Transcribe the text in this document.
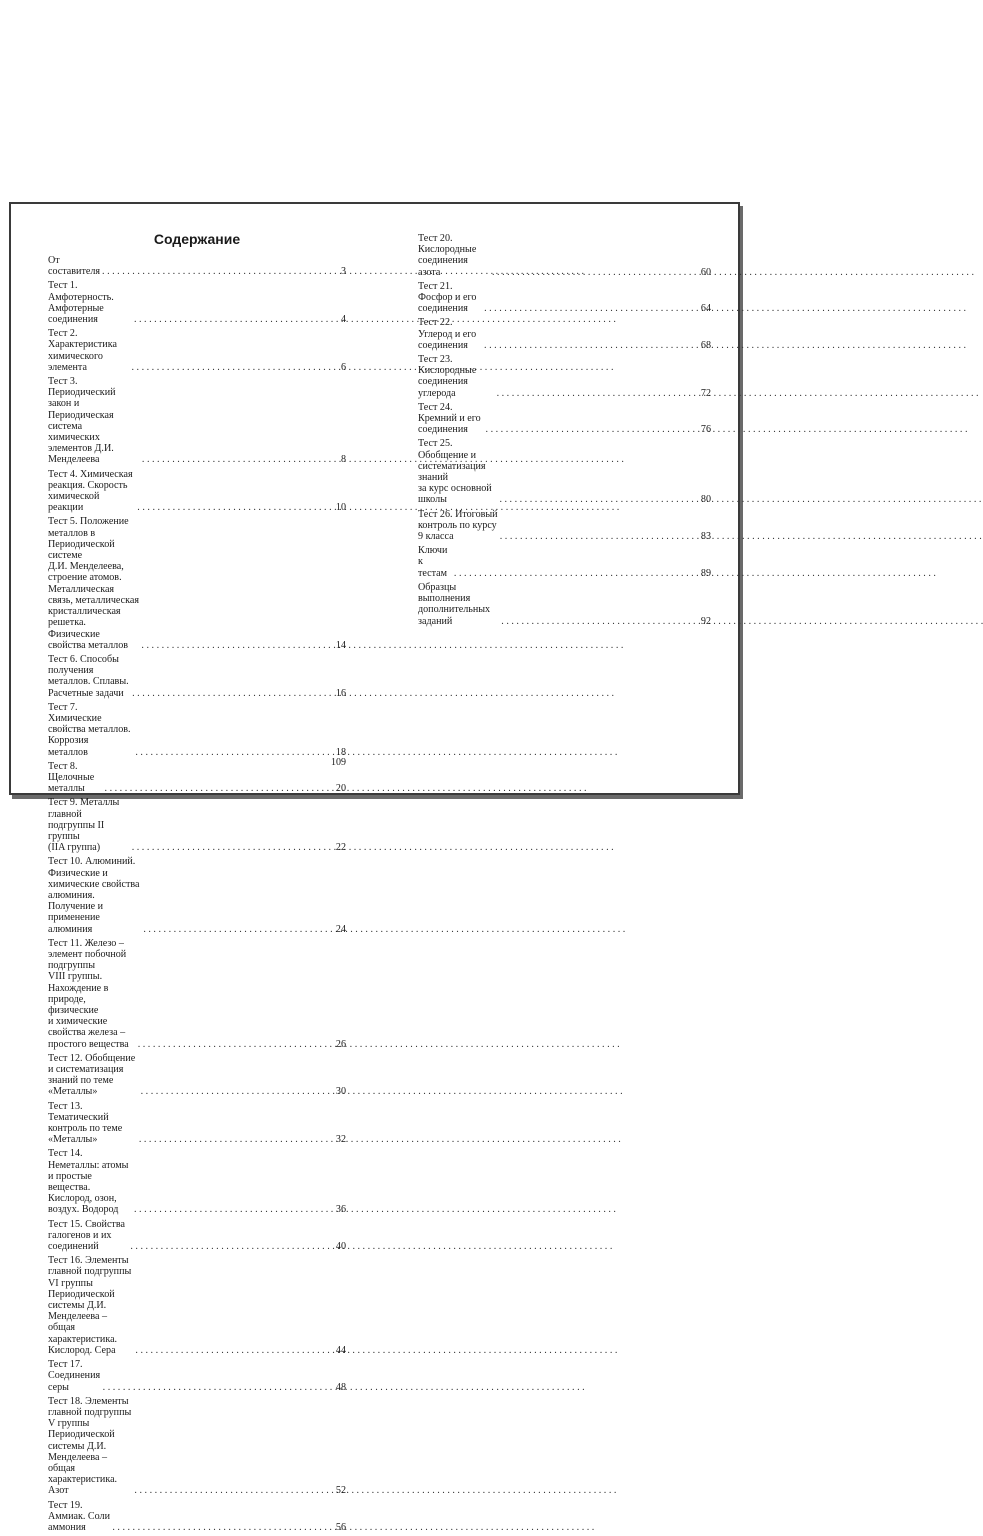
Содержание
От составителя . . .	3
Тест 1. Амфотерность. Амфотерные соединения . . .	4
Тест 2. Характеристика химического элемента . . .	6
Тест 3. Периодический закон и Периодическая система
химических элементов Д.И. Менделеева . . .	8
Тест 4. Химическая реакция. Скорость химической
реакции . . .	10
Тест 5. Положение металлов в Периодической системе
Д.И. Менделеева, строение атомов. Металлическая
связь, металлическая кристаллическая решетка.
Физические свойства металлов . . .	14
Тест 6. Способы получения металлов. Сплавы.
Расчетные задачи . . .	16
Тест 7. Химические свойства металлов. Коррозия
металлов . . .	18
Тест 8. Щелочные металлы . . .	20
Тест 9. Металлы главной подгруппы II группы
(IIA группа) . . .	22
Тест 10. Алюминий. Физические и химические свойства
алюминия. Получение и применение алюминия . . .	24
Тест 11. Железо – элемент побочной подгруппы
VIII группы. Нахождение в природе, физические
и химические свойства железа – простого вещества . . .	26
Тест 12. Обобщение и систематизация знаний по теме
«Металлы» . . .	30
Тест 13. Тематический контроль по теме «Металлы» . . .	32
Тест 14. Неметаллы: атомы и простые вещества.
Кислород, озон, воздух. Водород . . .	36
Тест 15. Свойства галогенов и их соединений . . .	40
Тест 16. Элементы главной подгруппы VI группы
Периодической системы Д.И. Менделеева –
общая характеристика. Кислород. Сера . . .	44
Тест 17. Соединения серы . . .	48
Тест 18. Элементы главной подгруппы V группы
Периодической системы Д.И. Менделеева –
общая характеристика. Азот . . .	52
Тест 19. Аммиак. Соли аммония . . .	56
109
Тест 20. Кислородные соединения азота . . .	60
Тест 21. Фосфор и его соединения . . .	64
Тест 22. Углерод и его соединения . . .	68
Тест 23. Кислородные соединения углерода . . .	72
Тест 24. Кремний и его соединения . . .	76
Тест 25. Обобщение и систематизация знаний
за курс основной школы . . .	80
Тест 26. Итоговый контроль по курсу 9 класса . . .	83
Ключи к тестам . . .	89
Образцы выполнения дополнительных заданий . . .	92
